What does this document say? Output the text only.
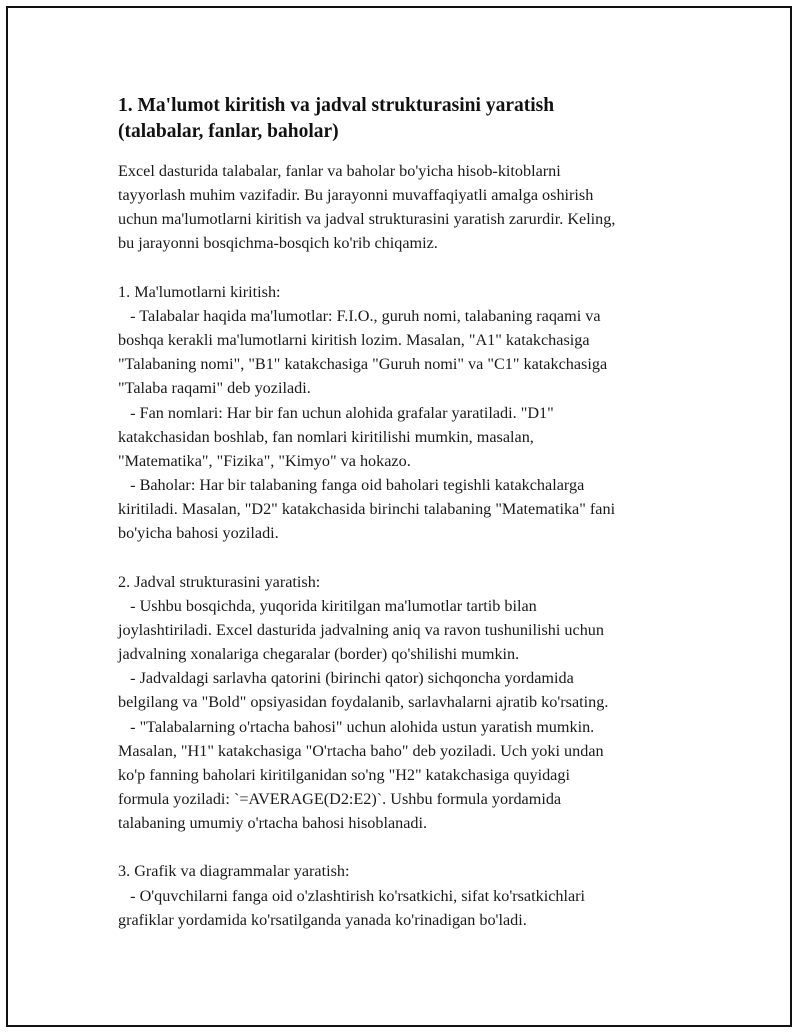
1. Ma'lumot kiritish va jadval strukturasini yaratish
(talabalar, fanlar, baholar)

Excel dasturida talabalar, fanlar va baholar bo'yicha hisob-kitoblarni
tayyorlash muhim vazifadir. Bu jarayonni muvaffaqiyatli amalga oshirish
uchun ma'lumotlarni kiritish va jadval strukturasini yaratish zarurdir. Keling,
bu jarayonni bosqichma-bosqich ko'rib chiqamiz.

1. Ma'lumotlarni kiritish:
- Talabalar haqida ma'lumotlar: F.I.O., guruh nomi, talabaning raqami va
boshqa kerakli ma'lumotlarni kiritish lozim. Masalan, "A1" katakchasiga
"Talabaning nomi", "B1" katakchasiga "Guruh nomi" va "C1" katakchasiga
"Talaba raqami" deb yoziladi.
- Fan nomlari: Har bir fan uchun alohida grafalar yaratiladi. "D1"
katakchasidan boshlab, fan nomlari kiritilishi mumkin, masalan,
"Matematika", "Fizika", "Kimyo" va hokazo.
- Baholar: Har bir talabaning fanga oid baholari tegishli katakchalarga
kiritiladi. Masalan, "D2" katakchasida birinchi talabaning "Matematika" fani
bo'yicha bahosi yoziladi.

2. Jadval strukturasini yaratish:
- Ushbu bosqichda, yuqorida kiritilgan ma'lumotlar tartib bilan
joylashtiriladi. Excel dasturida jadvalning aniq va ravon tushunilishi uchun
jadvalning xonalariga chegaralar (border) qo'shilishi mumkin.
- Jadvaldagi sarlavha qatorini (birinchi qator) sichqoncha yordamida
belgilang va "Bold" opsiyasidan foydalanib, sarlavhalarni ajratib ko'rsating.
- "Talabalarning o'rtacha bahosi" uchun alohida ustun yaratish mumkin.
Masalan, "H1" katakchasiga "O'rtacha baho" deb yoziladi. Uch yoki undan
ko'p fanning baholari kiritilganidan so'ng "H2" katakchasiga quyidagi
formula yoziladi: `=AVERAGE(D2:E2)`. Ushbu formula yordamida
talabaning umumiy o'rtacha bahosi hisoblanadi.

3. Grafik va diagrammalar yaratish:
- O'quvchilarni fanga oid o'zlashtirish ko'rsatkichi, sifat ko'rsatkichlari
grafiklar yordamida ko'rsatilganda yanada ko'rinadigan bo'ladi.
